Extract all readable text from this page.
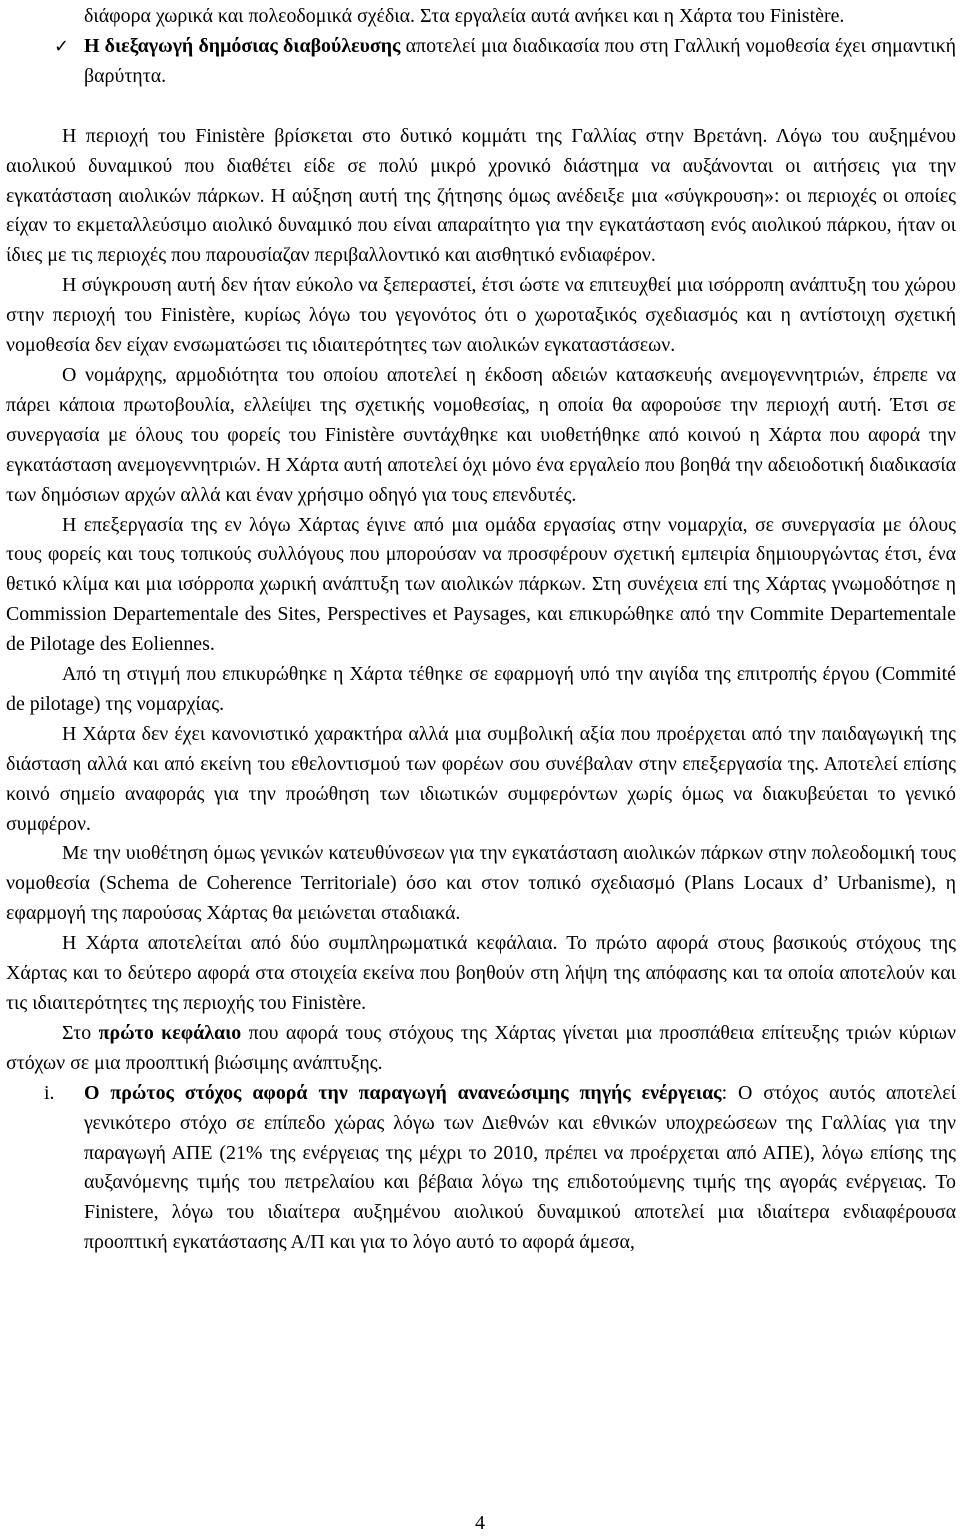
διάφορα χωρικά και πολεοδομικά σχέδια. Στα εργαλεία αυτά ανήκει και η Χάρτα του Finistère.

✓ Η διεξαγωγή δημόσιας διαβούλευσης αποτελεί μια διαδικασία που στη Γαλλική νομοθεσία έχει σημαντική βαρύτητα.

Η περιοχή του Finistère βρίσκεται στο δυτικό κομμάτι της Γαλλίας στην Βρετάνη. Λόγω του αυξημένου αιολικού δυναμικού που διαθέτει είδε σε πολύ μικρό χρονικό διάστημα να αυξάνονται οι αιτήσεις για την εγκατάσταση αιολικών πάρκων. Η αύξηση αυτή της ζήτησης όμως ανέδειξε μια «σύγκρουση»: οι περιοχές οι οποίες είχαν το εκμεταλλεύσιμο αιολικό δυναμικό που είναι απαραίτητο για την εγκατάσταση ενός αιολικού πάρκου, ήταν οι ίδιες με τις περιοχές που παρουσίαζαν περιβαλλοντικό και αισθητικό ενδιαφέρον.

Η σύγκρουση αυτή δεν ήταν εύκολο να ξεπεραστεί, έτσι ώστε να επιτευχθεί μια ισόρροπη ανάπτυξη του χώρου στην περιοχή του Finistère, κυρίως λόγω του γεγονότος ότι ο χωροταξικός σχεδιασμός και η αντίστοιχη σχετική νομοθεσία δεν είχαν ενσωματώσει τις ιδιαιτερότητες των αιολικών εγκαταστάσεων.

Ο νομάρχης, αρμοδιότητα του οποίου αποτελεί η έκδοση αδειών κατασκευής ανεμογεννητριών, έπρεπε να πάρει κάποια πρωτοβουλία, ελλείψει της σχετικής νομοθεσίας, η οποία θα αφορούσε την περιοχή αυτή. Έτσι σε συνεργασία με όλους του φορείς του Finistère συντάχθηκε και υιοθετήθηκε από κοινού η Χάρτα που αφορά την εγκατάσταση ανεμογεννητριών. Η Χάρτα αυτή αποτελεί όχι μόνο ένα εργαλείο που βοηθά την αδειοδοτική διαδικασία των δημόσιων αρχών αλλά και έναν χρήσιμο οδηγό για τους επενδυτές.

Η επεξεργασία της εν λόγω Χάρτας έγινε από μια ομάδα εργασίας στην νομαρχία, σε συνεργασία με όλους τους φορείς και τους τοπικούς συλλόγους που μπορούσαν να προσφέρουν σχετική εμπειρία δημιουργώντας έτσι, ένα θετικό κλίμα και μια ισόρροπα χωρική ανάπτυξη των αιολικών πάρκων. Στη συνέχεια επί της Χάρτας γνωμοδότησε η Commission Departementale des Sites, Perspectives et Paysages, και επικυρώθηκε από την Commite Departementale de Pilotage des Eoliennes.

Από τη στιγμή που επικυρώθηκε η Χάρτα τέθηκε σε εφαρμογή υπό την αιγίδα της επιτροπής έργου (Commité de pilotage) της νομαρχίας.

Η Χάρτα δεν έχει κανονιστικό χαρακτήρα αλλά μια συμβολική αξία που προέρχεται από την παιδαγωγική της διάσταση αλλά και από εκείνη του εθελοντισμού των φορέων σου συνέβαλαν στην επεξεργασία της. Αποτελεί επίσης κοινό σημείο αναφοράς για την προώθηση των ιδιωτικών συμφερόντων χωρίς όμως να διακυβεύεται το γενικό συμφέρον.

Με την υιοθέτηση όμως γενικών κατευθύνσεων για την εγκατάσταση αιολικών πάρκων στην πολεοδομική τους νομοθεσία (Schema de Coherence Territoriale) όσο και στον τοπικό σχεδιασμό (Plans Locaux d’ Urbanisme), η εφαρμογή της παρούσας Χάρτας θα μειώνεται σταδιακά.

Η Χάρτα αποτελείται από δύο συμπληρωματικά κεφάλαια. Το πρώτο αφορά στους βασικούς στόχους της Χάρτας και το δεύτερο αφορά στα στοιχεία εκείνα που βοηθούν στη λήψη της απόφασης και τα οποία αποτελούν και τις ιδιαιτερότητες της περιοχής του Finistère.

Στο πρώτο κεφάλαιο που αφορά τους στόχους της Χάρτας γίνεται μια προσπάθεια επίτευξης τριών κύριων στόχων σε μια προοπτική βιώσιμης ανάπτυξης.

i. Ο πρώτος στόχος αφορά την παραγωγή ανανεώσιμης πηγής ενέργειας: Ο στόχος αυτός αποτελεί γενικότερο στόχο σε επίπεδο χώρας λόγω των Διεθνών και εθνικών υποχρεώσεων της Γαλλίας για την παραγωγή ΑΠΕ (21% της ενέργειας της μέχρι το 2010, πρέπει να προέρχεται από ΑΠΕ), λόγω επίσης της αυξανόμενης τιμής του πετρελαίου και βέβαια λόγω της επιδοτούμενης τιμής της αγοράς ενέργειας. Το Finistere, λόγω του ιδιαίτερα αυξημένου αιολικού δυναμικού αποτελεί μια ιδιαίτερα ενδιαφέρουσα προοπτική εγκατάστασης Α/Π και για το λόγο αυτό το αφορά άμεσα,

4
